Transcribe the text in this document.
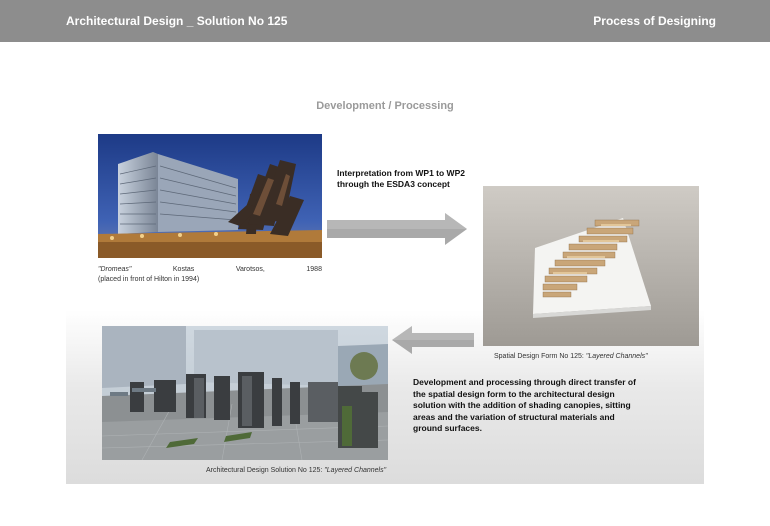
Architectural Design _ Solution No 125	Process of Designing
Development / Processing
"Dromeas"	Kostas	Varotsos,	1988
(placed in front of Hilton in 1994)
Interpretation from WP1 to WP2 through the ESDA3 concept
Spatial Design Form No 125: "Layered Channels"
Architectural Design Solution No 125: "Layered Channels"
Development and processing through direct transfer of the spatial design form to the architectural design solution with the addition of shading canopies, sitting areas and the variation of structural materials and ground surfaces.
